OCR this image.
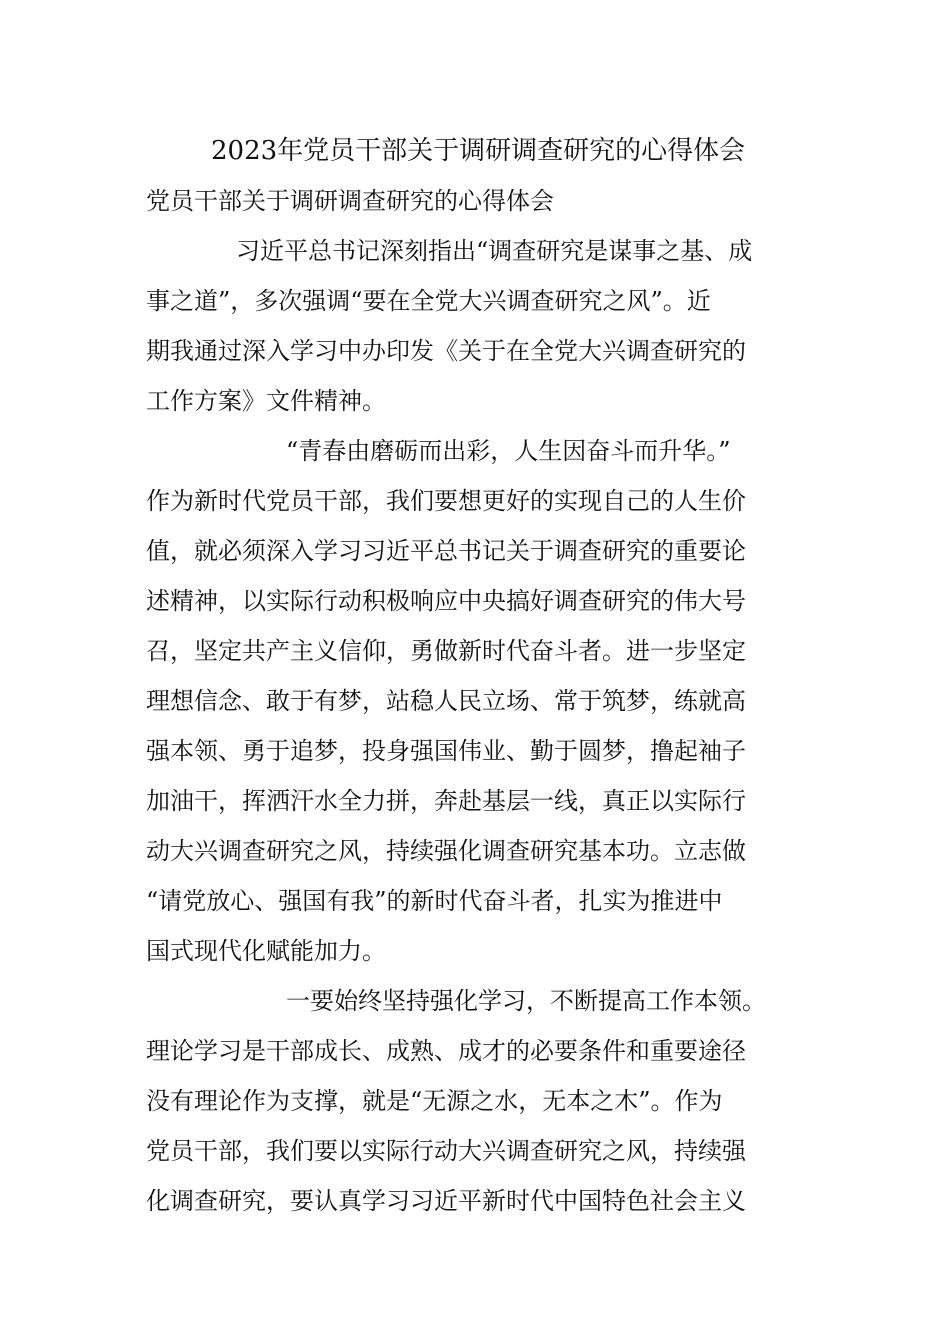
2023年党员干部关于调研调查研究的心得体会
党员干部关于调研调查研究的心得体会
习近平总书记深刻指出“调查研究是谋事之基、成
事之道”，多次强调“要在全党大兴调查研究之风”。近
期我通过深入学习中办印发《关于在全党大兴调查研究的
工作方案》文件精神。
“青春由磨砺而出彩，人生因奋斗而升华。”
作为新时代党员干部，我们要想更好的实现自己的人生价
值，就必须深入学习习近平总书记关于调查研究的重要论
述精神，以实际行动积极响应中央搞好调查研究的伟大号
召，坚定共产主义信仰，勇做新时代奋斗者。进一步坚定
理想信念、敢于有梦，站稳人民立场、常于筑梦，练就高
强本领、勇于追梦，投身强国伟业、勤于圆梦，撸起袖子
加油干，挥洒汗水全力拼，奔赴基层一线，真正以实际行
动大兴调查研究之风，持续强化调查研究基本功。立志做
“请党放心、强国有我”的新时代奋斗者，扎实为推进中
国式现代化赋能加力。
一要始终坚持强化学习，不断提高工作本领。
理论学习是干部成长、成熟、成才的必要条件和重要途径
没有理论作为支撑，就是“无源之水，无本之木”。作为
党员干部，我们要以实际行动大兴调查研究之风，持续强
化调查研究，要认真学习习近平新时代中国特色社会主义
